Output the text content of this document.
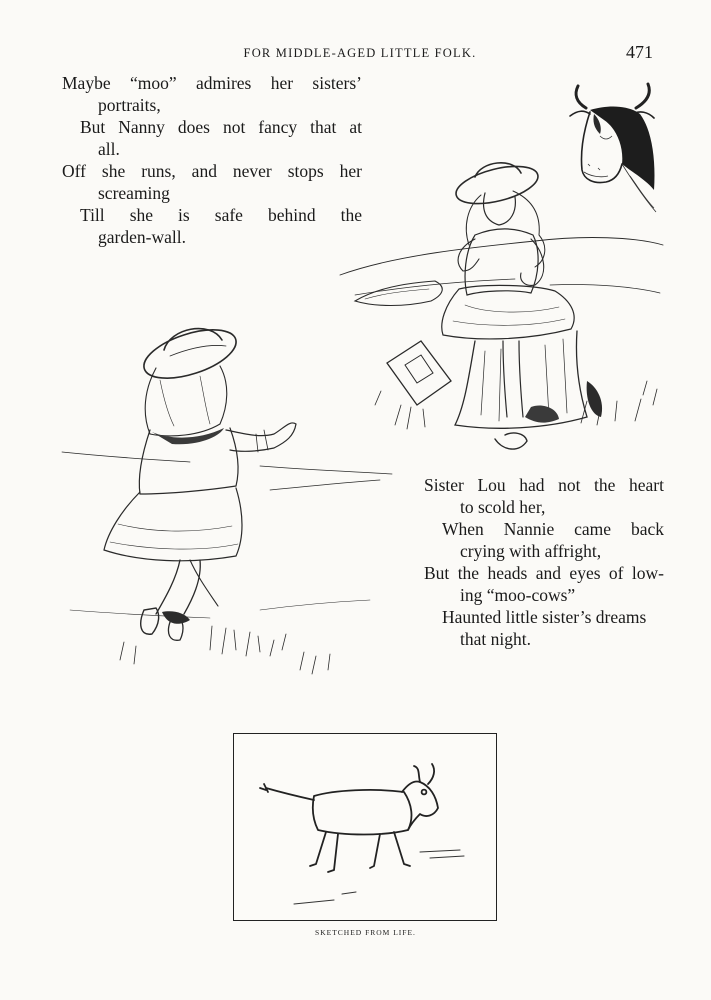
FOR MIDDLE-AGED LITTLE FOLK.	471
Maybe “moo” admires her sisters’
portraits,
But Nanny does not fancy that at
all.
Off she runs, and never stops her
screaming
Till she is safe behind the
garden-wall.
Sister Lou had not the heart
to scold her,
When Nannie came back
crying with affright,
But the heads and eyes of low-
ing “moo-cows”
Haunted little sister’s dreams
that night.
SKETCHED FROM LIFE.
